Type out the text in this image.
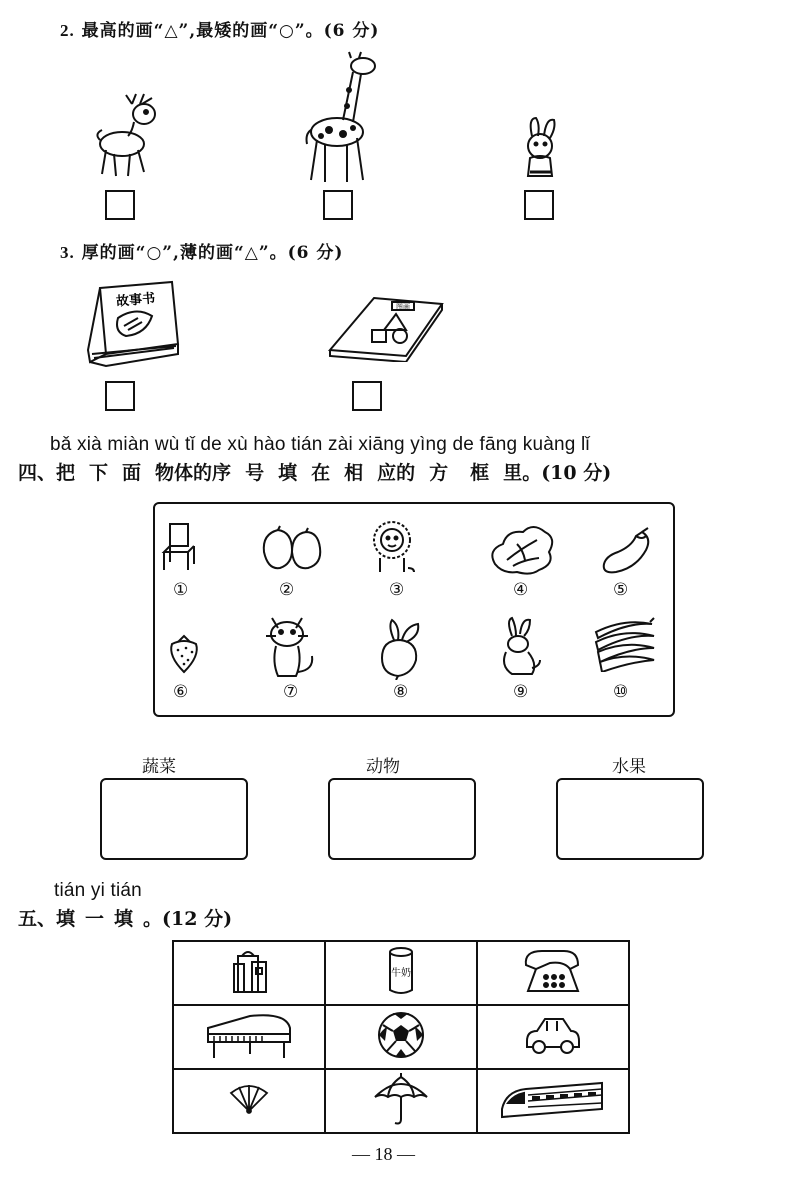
2. 最高的画“△”,最矮的画“○”。(6 分)
3. 厚的画“○”,薄的画“△”。(6 分)
故事书	图画
bǎ xià miàn wù tǐ de xù hào tián zài xiāng yìng de fāng kuàng lǐ
四、把 下 面 物体的序 号 填 在 相 应的 方 框 里。(10 分)
①	②	③	④	⑤
⑥	⑦	⑧	⑨	⑩
蔬菜	动物	水果
tián yi tián
五、填 一 填 。(12 分)

牛奶

— 18 —
